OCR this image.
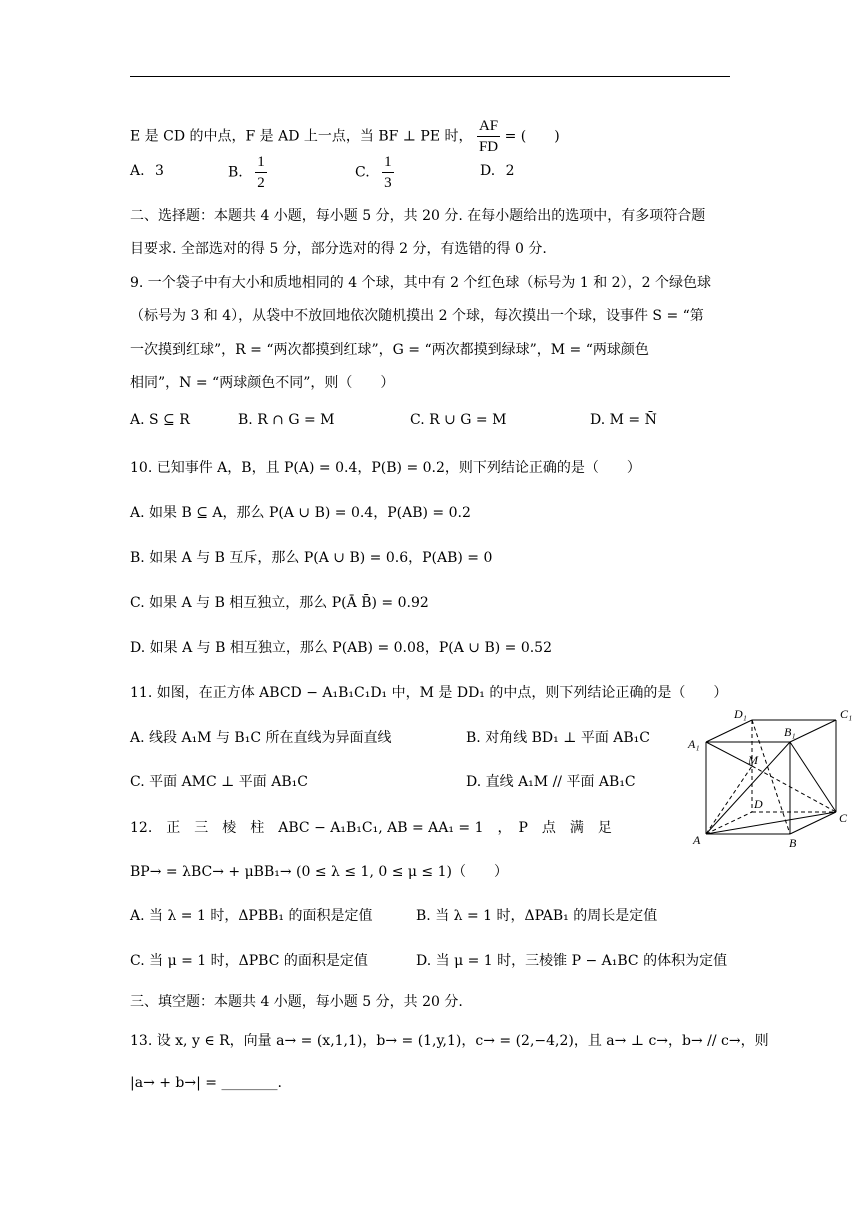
E 是 CD 的中点，F 是 AD 上一点，当 BF ⊥ PE 时， $\frac{AF}{FD}$ = (　　)
A. 3	B. $\frac{1}{2}$	C. $\frac{1}{3}$	D. 2
二、选择题：本题共 4 小题，每小题 5 分，共 20 分. 在每小题给出的选项中，有多项符合题
目要求. 全部选对的得 5 分，部分选对的得 2 分，有选错的得 0 分.
9. 一个袋子中有大小和质地相同的 4 个球，其中有 2 个红色球（标号为 1 和 2），2 个绿色球
（标号为 3 和 4），从袋中不放回地依次随机摸出 2 个球，每次摸出一个球，设事件 S = “第
一次摸到红球”，R = “两次都摸到红球”，G = “两次都摸到绿球”，M = “两球颜色
相同”，N = “两球颜色不同”，则（　　）
A. S ⊆ R	B. R ∩ G = M	C. R ∪ G = M	D. M = N̄
10. 已知事件 A，B，且 P(A) = 0.4，P(B) = 0.2，则下列结论正确的是（　　）
A. 如果 B ⊆ A，那么 P(A ∪ B) = 0.4，P(AB) = 0.2
B. 如果 A 与 B 互斥，那么 P(A ∪ B) = 0.6，P(AB) = 0
C. 如果 A 与 B 相互独立，那么 P(Ā B̄) = 0.92
D. 如果 A 与 B 相互独立，那么 P(AB) = 0.08，P(A ∪ B) = 0.52
11. 如图，在正方体 ABCD − A₁B₁C₁D₁ 中，M 是 DD₁ 的中点，则下列结论正确的是（　　）
A. 线段 A₁M 与 B₁C 所在直线为异面直线	B. 对角线 BD₁ ⊥ 平面 AB₁C
C. 平面 AMC ⊥ 平面 AB₁C	D. 直线 A₁M // 平面 AB₁C
D₁	C₁
A₁
B₁
M
D
C
A	B
12.　正　三　棱　柱　ABC − A₁B₁C₁, AB = AA₁ = 1　，　P　点　满　足
BP→ = λBC→ + μBB₁→ (0 ≤ λ ≤ 1, 0 ≤ μ ≤ 1)（　　）
A. 当 λ = 1 时，ΔPBB₁ 的面积是定值	B. 当 λ = 1 时，ΔPAB₁ 的周长是定值
C. 当 μ = 1 时，ΔPBC 的面积是定值	D. 当 μ = 1 时，三棱锥 P − A₁BC 的体积为定值
三、填空题：本题共 4 小题，每小题 5 分，共 20 分.
13. 设 x, y ∈ R，向量 a→ = (x,1,1)，b→ = (1,y,1)，c→ = (2,−4,2)，且 a→ ⊥ c→，b→ // c→，则
|a→ + b→| = ________.
